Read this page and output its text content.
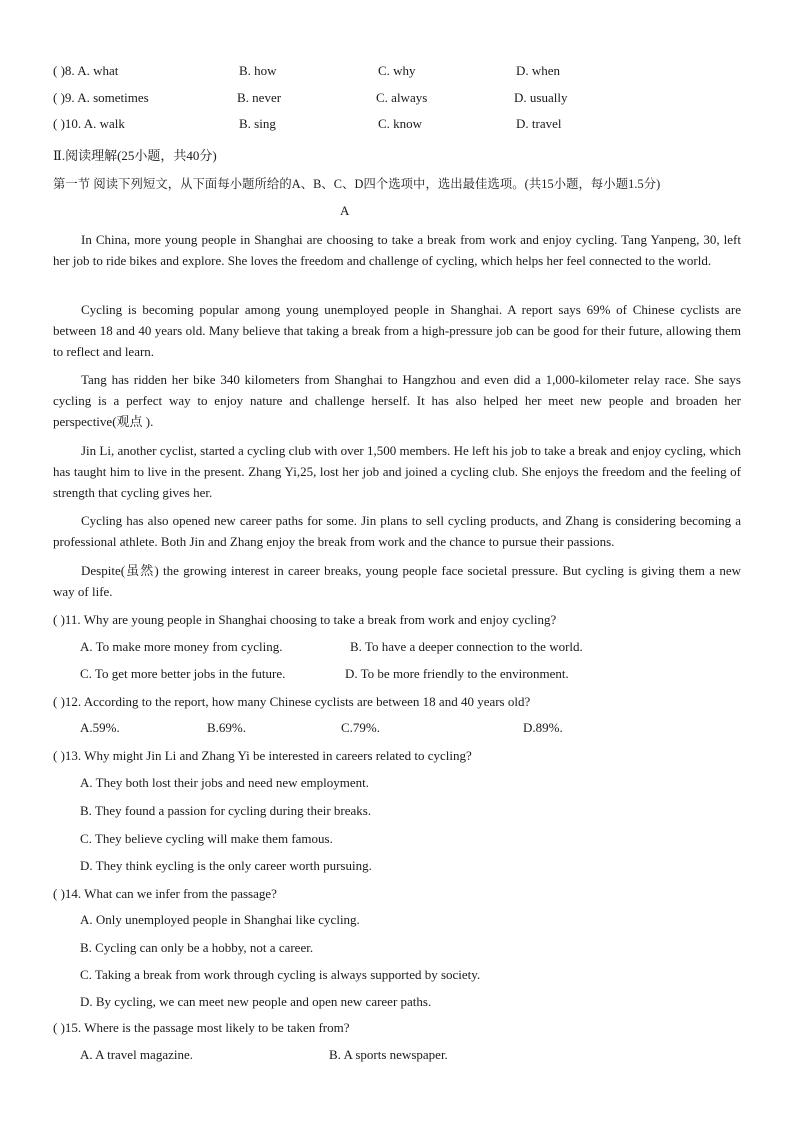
( )8. A. what	B. how	C. why	D. when
( )9. A. sometimes	B. never	C. always	D. usually
( )10. A. walk	B. sing	C. know	D. travel
Ⅱ.阅读理解(25小题，共40分)
第一节 阅读下列短文，从下面每小题所给的A、B、C、D四个选项中，选出最佳选项。(共15小题，每小题1.5分)
A
In China, more young people in Shanghai are choosing to take a break from work and enjoy cycling. Tang Yanpeng, 30, left her job to ride bikes and explore. She loves the freedom and challenge of cycling, which helps her feel connected to the world.
Cycling is becoming popular among young unemployed people in Shanghai. A report says 69% of Chinese cyclists are between 18 and 40 years old. Many believe that taking a break from a high-pressure job can be good for their future, allowing them to reflect and learn.
Tang has ridden her bike 340 kilometers from Shanghai to Hangzhou and even did a 1,000-kilometer relay race. She says cycling is a perfect way to enjoy nature and challenge herself. It has also helped her meet new people and broaden her perspective(观点 ).
Jin Li, another cyclist, started a cycling club with over 1,500 members. He left his job to take a break and enjoy cycling, which has taught him to live in the present. Zhang Yi,25, lost her job and joined a cycling club. She enjoys the freedom and the feeling of strength that cycling gives her.
Cycling has also opened new career paths for some. Jin plans to sell cycling products, and Zhang is considering becoming a professional athlete. Both Jin and Zhang enjoy the break from work and the chance to pursue their passions.
Despite(虽然) the growing interest in career breaks, young people face societal pressure. But cycling is giving them a new way of life.
( )11. Why are young people in Shanghai choosing to take a break from work and enjoy cycling?
A. To make more money from cycling.	B. To have a deeper connection to the world.
C. To get more better jobs in the future.	D. To be more friendly to the environment.
( )12. According to the report, how many Chinese cyclists are between 18 and 40 years old?
A.59%.	B.69%.	C.79%.	D.89%.
( )13. Why might Jin Li and Zhang Yi be interested in careers related to cycling?
A. They both lost their jobs and need new employment.
B. They found a passion for cycling during their breaks.
C. They believe cycling will make them famous.
D. They think eycling is the only career worth pursuing.
( )14. What can we infer from the passage?
A. Only unemployed people in Shanghai like cycling.
B. Cycling can only be a hobby, not a career.
C. Taking a break from work through cycling is always supported by society.
D. By cycling, we can meet new people and open new career paths.
( )15. Where is the passage most likely to be taken from?
A. A travel magazine.	B. A sports newspaper.
